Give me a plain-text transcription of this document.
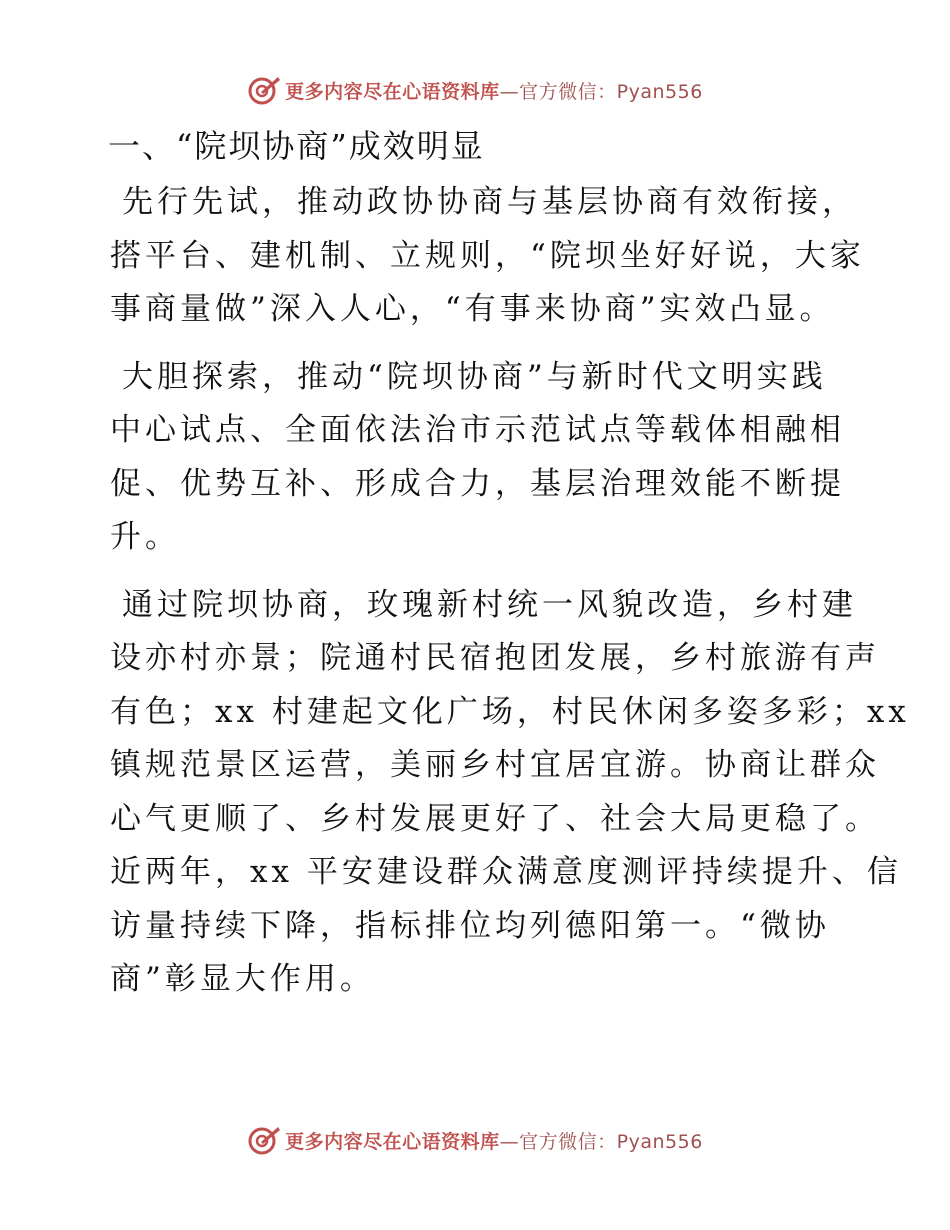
更多内容尽在心语资料库—官方微信：Pyan556
一、“院坝协商”成效明显

先行先试，推动政协协商与基层协商有效衔接，
搭平台、建机制、立规则，“院坝坐好好说，大家
事商量做”深入人心，“有事来协商”实效凸显。

大胆探索，推动“院坝协商”与新时代文明实践
中心试点、全面依法治市示范试点等载体相融相
促、优势互补、形成合力，基层治理效能不断提
升。

通过院坝协商，玫瑰新村统一风貌改造，乡村建
设亦村亦景；院通村民宿抱团发展，乡村旅游有声
有色；xx 村建起文化广场，村民休闲多姿多彩；xx
镇规范景区运营，美丽乡村宜居宜游。协商让群众
心气更顺了、乡村发展更好了、社会大局更稳了。
近两年，xx 平安建设群众满意度测评持续提升、信
访量持续下降，指标排位均列德阳第一。“微协
商”彰显大作用。

更多内容尽在心语资料库—官方微信：Pyan556
